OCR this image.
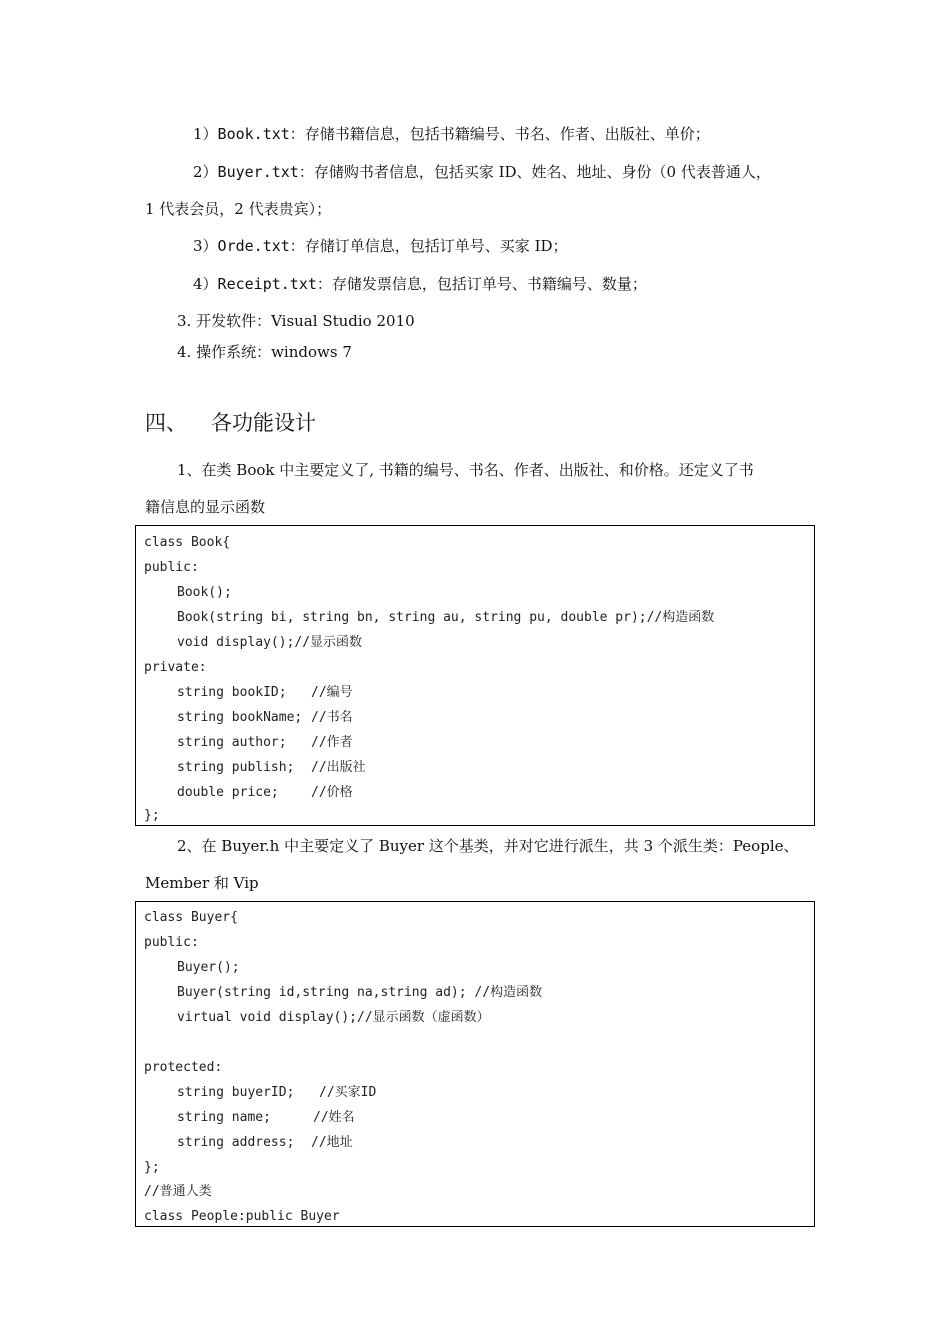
1）Book.txt：存储书籍信息，包括书籍编号、书名、作者、出版社、单价；
2）Buyer.txt：存储购书者信息，包括买家 ID、姓名、地址、身份（0 代表普通人，
1 代表会员，2 代表贵宾）；
3）Orde.txt：存储订单信息，包括订单号、买家 ID；
4）Receipt.txt：存储发票信息，包括订单号、书籍编号、数量；
3. 开发软件：Visual Studio 2010
4. 操作系统：windows 7
四、 各功能设计
1、在类 Book 中主要定义了, 书籍的编号、书名、作者、出版社、和价格。还定义了书
籍信息的显示函数
class Book{
public:
Book();
Book(string bi, string bn, string au, string pu, double pr);//构造函数
void display();//显示函数
private:
string bookID; //编号
string bookName; //书名
string author; //作者
string publish; //出版社
double price; //价格
};
2、在 Buyer.h 中主要定义了 Buyer 这个基类，并对它进行派生，共 3 个派生类：People、
Member 和 Vip
class Buyer{
public:
Buyer();
Buyer(string id,string na,string ad); //构造函数
virtual void display();//显示函数（虚函数）
protected:
string buyerID; //买家ID
string name;	//姓名
string address; //地址
};
//普通人类
class People:public Buyer
